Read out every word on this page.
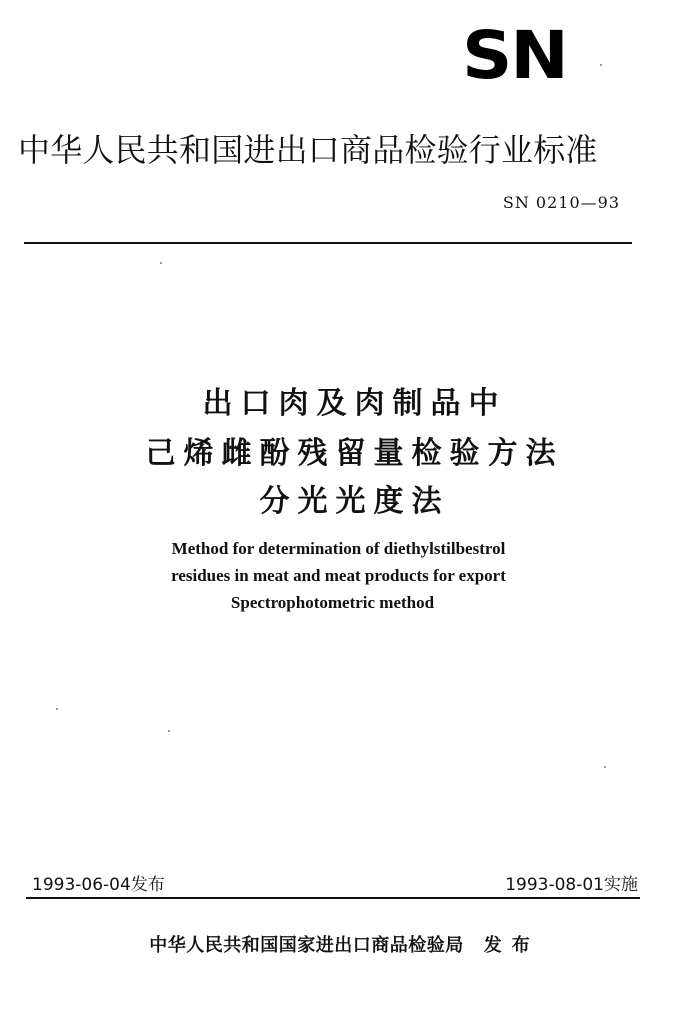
SN
中华人民共和国进出口商品检验行业标准
SN 0210—93
出口肉及肉制品中
己烯雌酚残留量检验方法
分光光度法
Method for determination of diethylstilbestrol
residues in meat and meat products for export
Spectrophotometric method
1993-06-04发布	1993-08-01实施
中华人民共和国国家进出口商品检验局 发布
